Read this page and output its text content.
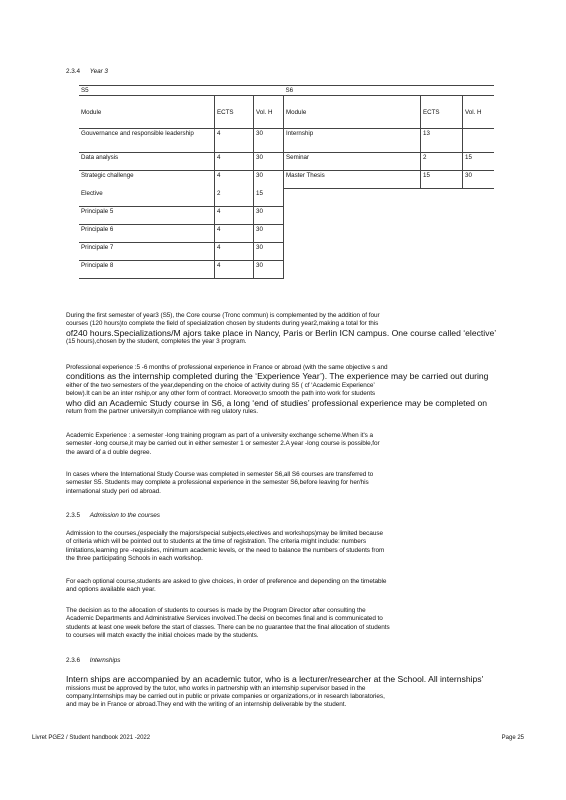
2.3.4 Year 3
S5			S6		
Module	ECTS	Vol. H	Module	ECTS	Vol. H
Gouvernance and responsible leadership	4	30	Internship	13	
Data analysis	4	30	Seminar	2	15
Strategic challenge	4	30	Master Thesis	15	30
Elective	2	15			
Principale 5	4	30			
Principale 6	4	30			
Principale 7	4	30			
Principale 8	4	30			

During the first semester of year3 (S5), the Core course (Tronc commun) is complemented by the addition of four

courses (120 hours)to complete the field of specialization chosen by students during year2,making a total for this

of240 hours.Specializations/M ajors take place in Nancy, Paris or Berlin ICN campus. One course called ‘elective’

(15 hours),chosen by the student, completes the year 3 program.

Professional experience :5 -6 months of professional experience in France or abroad (with the same objective s and

conditions as the internship completed during the ‘Experience Year’). The experience may be carried out during

either of the two semesters of the year,depending on the choice of activity during S5 ( cf ‘Academic Experience’

below).It can be an inter nship,or any other form of contract. Moreover,to smooth the path into work for students

who did an Academic Study course in S6, a long ‘end of studies’ professional experience may be completed on

return from the partner university,in compliance with reg ulatory rules.

Academic Experience : a semester -long training program as part of a university exchange scheme.When it's a

semester -long course,it may be carried out in either semester 1 or semester 2.A year -long course is possible,for

the award of a d ouble degree.

In cases where the International Study Course was completed in semester S6,all S6 courses are transferred to

semester S5. Students may complete a professional experience in the semester S6,before leaving for her/his

international study peri od abroad.

2.3.5 Admission to the courses

Admission to the courses,(especially the majors/special subjects,electives and workshops)may be limited because

of criteria which will be pointed out to students at the time of registration. The criteria might include: numbers

limitations,learning pre -requisites, minimum academic levels, or the need to balance the numbers of students from

the three participating Schools in each workshop.

For each optional course,students are asked to give choices, in order of preference and depending on the timetable

and options available each year.

The decision as to the allocation of students to courses is made by the Program Director after consulting the

Academic Departments and Administrative Services involved.The decisi on becomes final and is communicated to

students at least one week before the start of classes. There can be no guarantee that the final allocation of students

to courses will match exactly the initial choices made by the students.

2.3.6 Internships

Intern ships are accompanied by an academic tutor, who is a lecturer/researcher at the School. All internships'

missions must be approved by the tutor, who works in partnership with an internship supervisor based in the

company.Internships may be carried out in public or private companies or organizations,or in research laboratories,

and may be in France or abroad.They end with the writing of an internship deliverable by the student.

Livret PGE2 / Student handbook 2021 -2022	Page 25
